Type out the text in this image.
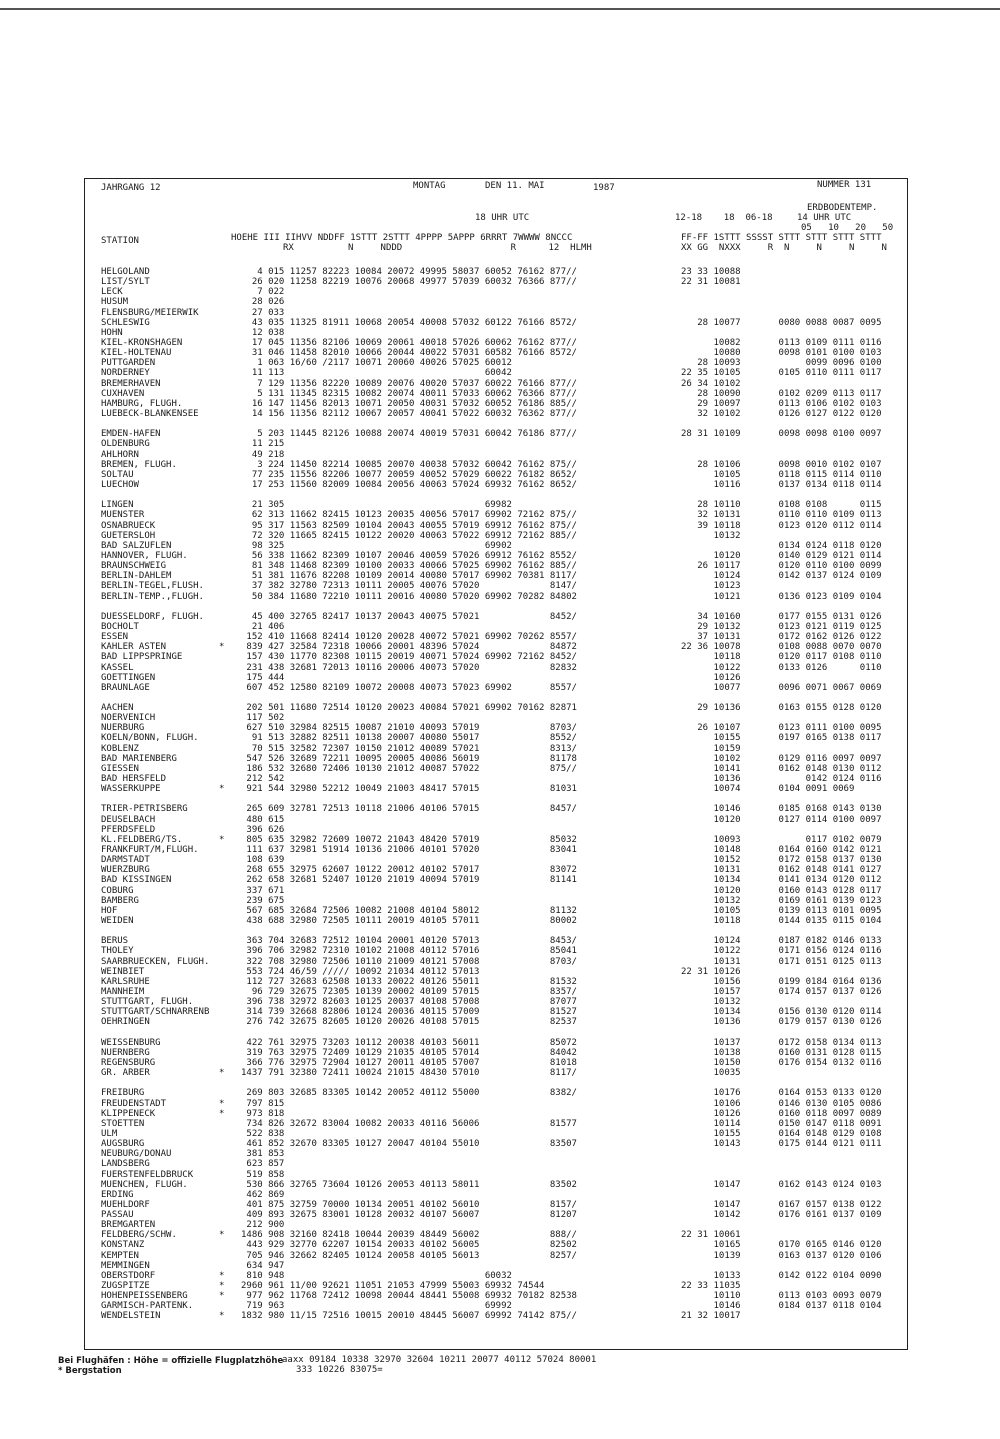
JAHRGANG 12	MONTAG	DEN 11. MAI	1987	NUMMER 131
ERDBODENTEMP.
18 UHR UTC	12-18    18  06-18	14 UHR UTC
05   10   20   50
STATION	HOEHE III IIHVV NDDFF 1STTT 2STTT 4PPPP 5APPP 6RRRT 7WWWW 8NCCC
RX          N     NDDD                    R      12  HLMH
FF-FF 1STTT SSSST STTT STTT STTT STTT
XX GG  NXXX     R  N     N     N     N
HELGOLAND	4 015 11257 82223 10084 20072 49995 58037 60052 76162 877//	23 33 10088
LIST/SYLT	26 020 11258 82219 10076 20068 49977 57039 60032 76366 877//	22 31 10081
LECK	7 022
HUSUM	28 026
FLENSBURG/MEIERWIK	27 033
SCHLESWIG	43 035 11325 81911 10068 20054 40008 57032 60122 76166 8572/	28 10077       0080 0088 0087 0095
HOHN	12 038
KIEL-KRONSHAGEN	17 045 11356 82106 10069 20061 40018 57026 60062 76162 877//	10082       0113 0109 0111 0116
KIEL-HOLTENAU	31 046 11458 82010 10066 20044 40022 57031 60582 76166 8572/	10080       0098 0101 0100 0103
PUTTGARDEN	1 063 16/60 /2117 10071 20060 40026 57025 60012	28 10093            0099 0096 0100
NORDERNEY	11 113                                     60042	22 35 10105       0105 0110 0111 0117
BREMERHAVEN	7 129 11356 82220 10089 20076 40020 57037 60022 76166 877//	26 34 10102
CUXHAVEN	5 131 11345 82315 10082 20074 40011 57033 60062 76366 877//	28 10090       0102 0209 0113 0117
HAMBURG, FLUGH.	16 147 11456 82013 10071 20050 40031 57032 60052 76186 885//	29 10097       0113 0106 0102 0103
LUEBECK-BLANKENSEE	14 156 11356 82112 10067 20057 40041 57022 60032 76362 877//	32 10102       0126 0127 0122 0120
EMDEN-HAFEN	5 203 11445 82126 10088 20074 40019 57031 60042 76186 877//	28 31 10109       0098 0098 0100 0097
OLDENBURG	11 215
AHLHORN	49 218
BREMEN, FLUGH.	3 224 11450 82214 10085 20070 40038 57032 60042 76162 875//	28 10106       0098 0010 0102 0107
SOLTAU	77 235 11556 82206 10077 20059 40052 57029 60022 76182 8652/	10105       0118 0115 0114 0110
LUECHOW	17 253 11560 82009 10084 20056 40063 57024 69932 76162 8652/	10116       0137 0134 0118 0114
LINGEN	21 305                                     69982	28 10110       0108 0108      0115
MUENSTER	62 313 11662 82415 10123 20035 40056 57017 69902 72162 875//	32 10131       0110 0110 0109 0113
OSNABRUECK	95 317 11563 82509 10104 20043 40055 57019 69912 76162 875//	39 10118       0123 0120 0112 0114
GUETERSLOH	72 320 11665 82415 10122 20020 40063 57022 69912 72162 885//	10132
BAD SALZUFLEN	98 325                                     69902	0134 0124 0118 0120
HANNOVER, FLUGH.	56 338 11662 82309 10107 20046 40059 57026 69912 76162 8552/	10120       0140 0129 0121 0114
BRAUNSCHWEIG	81 348 11468 82309 10100 20033 40066 57025 69902 76162 885//	26 10117       0120 0110 0100 0099
BERLIN-DAHLEM	51 381 11676 82208 10109 20014 40080 57017 69902 70381 8117/	10124       0142 0137 0124 0109
BERLIN-TEGEL,FLUSH.	37 382 32780 72313 10111 20005 40076 57020             8147/	10123
BERLIN-TEMP.,FLUGH.	50 384 11680 72210 10111 20016 40080 57020 69902 70282 84802	10121       0136 0123 0109 0104
DUESSELDORF, FLUGH.	45 400 32765 82417 10137 20043 40075 57021             8452/	34 10160       0177 0155 0131 0126
BOCHOLT	21 406	29 10132       0123 0121 0119 0125
ESSEN	152 410 11668 82414 10120 20028 40072 57021 69902 70262 8557/	37 10131       0172 0162 0126 0122
KAHLER ASTEN	*	839 427 32584 72318 10066 20001 48396 57024             84872	22 36 10078       0108 0088 0070 0070
BAD LIPPSPRINGE	157 430 11770 82308 10115 20019 40071 57024 69902 72162 8452/	10118       0120 0117 0108 0110
KASSEL	231 438 32681 72013 10116 20006 40073 57020             82832	10122       0133 0126      0110
GOETTINGEN	175 444	10126
BRAUNLAGE	607 452 12580 82109 10072 20008 40073 57023 69902       8557/	10077       0096 0071 0067 0069
AACHEN	202 501 11680 72514 10120 20023 40084 57021 69902 70162 82871	29 10136       0163 0155 0128 0120
NOERVENICH	117 502
NUERBURG	627 510 32984 82515 10087 21010 40093 57019             8703/	26 10107       0123 0111 0100 0095
KOELN/BONN, FLUGH.	91 513 32882 82511 10138 20007 40080 55017             8552/	10155       0197 0165 0138 0117
KOBLENZ	70 515 32582 72307 10150 21012 40089 57021             8313/	10159
BAD MARIENBERG	547 526 32689 72211 10095 20005 40086 56019             81178	10102       0129 0116 0097 0097
GIESSEN	186 532 32680 72406 10130 21012 40087 57022             875//	10141       0162 0148 0130 0112
BAD HERSFELD	212 542	10136            0142 0124 0116
WASSERKUPPE	*	921 544 32980 52212 10049 21003 48417 57015             81031	10074       0104 0091 0069
TRIER-PETRISBERG	265 609 32781 72513 10118 21006 40106 57015             8457/	10146       0185 0168 0143 0130
DEUSELBACH	480 615	10120       0127 0114 0100 0097
PFERDSFELD	396 626
KL.FELDBERG/TS.	*	805 635 32982 72609 10072 21043 48420 57019             85032	10093            0117 0102 0079
FRANKFURT/M,FLUGH.	111 637 32981 51914 10136 21006 40101 57020             83041	10148       0164 0160 0142 0121
DARMSTADT	108 639	10152       0172 0158 0137 0130
WUERZBURG	268 655 32975 62607 10122 20012 40102 57017             83072	10131       0162 0148 0141 0127
BAD KISSINGEN	262 658 32681 52407 10120 21019 40094 57019             81141	10134       0141 0134 0120 0112
COBURG	337 671	10120       0160 0143 0128 0117
BAMBERG	239 675	10132       0169 0161 0139 0123
HOF	567 685 32684 72506 10082 21008 40104 58012             81132	10105       0139 0113 0101 0095
WEIDEN	438 688 32980 72505 10111 20019 40105 57011             80002	10118       0144 0135 0115 0104
BERUS	363 704 32683 72512 10104 20001 40120 57013             8453/	10124       0187 0182 0146 0133
THOLEY	396 706 32982 72310 10102 21008 40112 57016             85041	10122       0171 0156 0124 0116
SAARBRUECKEN, FLUGH.	322 708 32980 72506 10110 21009 40121 57008             8703/	10131       0171 0151 0125 0113
WEINBIET	553 724 46/59 ///// 10092 21034 40112 57013	22 31 10126
KARLSRUHE	112 727 32683 62508 10133 20022 40126 55011             81532	10156       0199 0184 0164 0136
MANNHEIM	96 729 32675 72305 10139 20002 40109 57015             8357/	10157       0174 0157 0137 0126
STUTTGART, FLUGH.	396 738 32972 82603 10125 20037 40108 57008             87077	10132
STUTTGART/SCHNARRENB	314 739 32668 82806 10124 20036 40115 57009             81527	10134       0156 0130 0120 0114
OEHRINGEN	276 742 32675 82605 10120 20026 40108 57015             82537	10136       0179 0157 0130 0126
WEISSENBURG	422 761 32975 73203 10112 20038 40103 56011             85072	10137       0172 0158 0134 0113
NUERNBERG	319 763 32975 72409 10129 21035 40105 57014             84042	10138       0160 0131 0128 0115
REGENSBURG	366 776 32975 72904 10127 20011 40105 57007             81018	10150       0176 0154 0132 0116
GR. ARBER	*	1437 791 32380 72411 10024 21015 48430 57010             8117/	10035
FREIBURG	269 803 32685 83305 10142 20052 40112 55000             8382/	10176       0164 0153 0133 0120
FREUDENSTADT	*	797 815	10106       0146 0130 0105 0086
KLIPPENECK	*	973 818	10126       0160 0118 0097 0089
STOETTEN	734 826 32672 83004 10082 20033 40116 56006             81577	10114       0150 0147 0118 0091
ULM	522 838	10155       0164 0148 0129 0108
AUGSBURG	461 852 32670 83305 10127 20047 40104 55010             83507	10143       0175 0144 0121 0111
NEUBURG/DONAU	381 853
LANDSBERG	623 857
FUERSTENFELDBRUCK	519 858
MUENCHEN, FLUGH.	530 866 32765 73604 10126 20053 40113 58011             83502	10147       0162 0143 0124 0103
ERDING	462 869
MUEHLDORF	401 875 32759 70000 10134 20051 40102 56010             8157/	10147       0167 0157 0138 0122
PASSAU	409 893 32675 83001 10128 20032 40107 56007             81207	10142       0176 0161 0137 0109
BREMGARTEN	212 900
FELDBERG/SCHW.	*	1486 908 32160 82418 10044 20039 48449 56002             888//	22 31 10061
KONSTANZ	443 929 32770 62207 10154 20033 40102 56005             82502	10165       0170 0165 0146 0120
KEMPTEN	705 946 32662 82405 10124 20058 40105 56013             8257/	10139       0163 0137 0120 0106
MEMMINGEN	634 947
OBERSTDORF	*	810 948                                     60032	10133       0142 0122 0104 0090
ZUGSPITZE	*	2960 961 11/00 92621 11051 21053 47999 55003 69932 74544	22 33 11035
HOHENPEISSENBERG	*	977 962 11768 72412 10098 20044 48441 55008 69932 70182 82538	10110       0113 0103 0093 0079
GARMISCH-PARTENK.	719 963                                     69992	10146       0184 0137 0118 0104
WENDELSTEIN	*	1832 980 11/15 72516 10015 20010 48445 56007 69992 74142 875//	21 32 10017
Bei Flughäfen : Höhe = offizielle Flugplatzhöhe
* Bergstation
aaxx 09184 10338 32970 32604 10211 20077 40112 57024 80001
333 10226 83075=
